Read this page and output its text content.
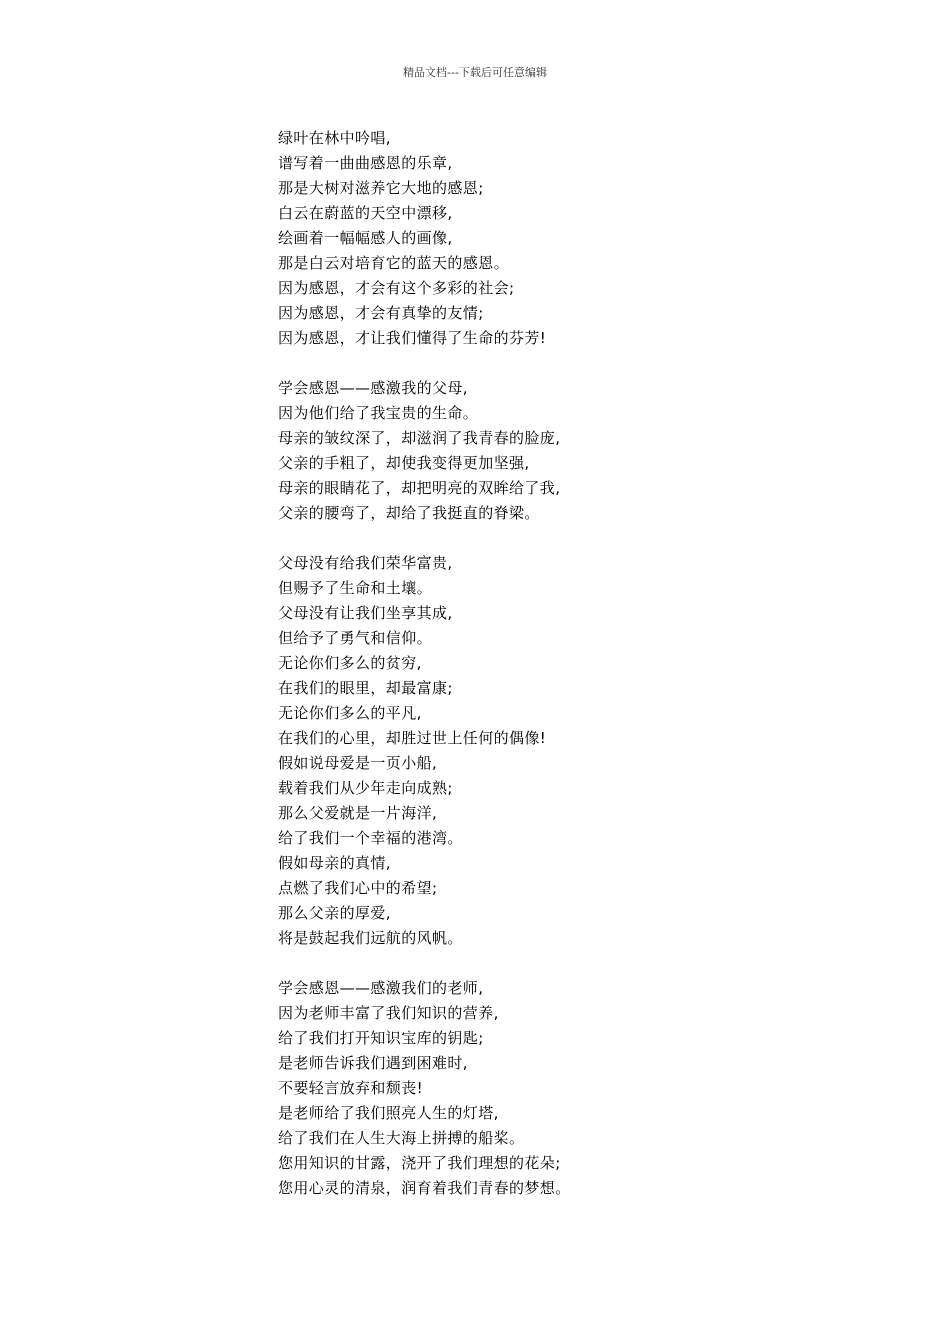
精品文档---下载后可任意编辑
绿叶在林中吟唱,
谱写着一曲曲感恩的乐章,
那是大树对滋养它大地的感恩;
白云在蔚蓝的天空中漂移,
绘画着一幅幅感人的画像,
那是白云对培育它的蓝天的感恩。
因为感恩，才会有这个多彩的社会;
因为感恩，才会有真挚的友情;
因为感恩，才让我们懂得了生命的芬芳!
学会感恩——感激我的父母,
因为他们给了我宝贵的生命。
母亲的皱纹深了，却滋润了我青春的脸庞,
父亲的手粗了，却使我变得更加坚强,
母亲的眼睛花了，却把明亮的双眸给了我,
父亲的腰弯了，却给了我挺直的脊梁。
父母没有给我们荣华富贵,
但赐予了生命和土壤。
父母没有让我们坐享其成,
但给予了勇气和信仰。
无论你们多么的贫穷,
在我们的眼里，却最富康;
无论你们多么的平凡,
在我们的心里，却胜过世上任何的偶像!
假如说母爱是一页小船,
载着我们从少年走向成熟;
那么父爱就是一片海洋,
给了我们一个幸福的港湾。
假如母亲的真情,
点燃了我们心中的希望;
那么父亲的厚爱,
将是鼓起我们远航的风帆。
学会感恩——感激我们的老师,
因为老师丰富了我们知识的营养,
给了我们打开知识宝库的钥匙;
是老师告诉我们遇到困难时,
不要轻言放弃和颓丧!
是老师给了我们照亮人生的灯塔,
给了我们在人生大海上拼搏的船桨。
您用知识的甘露，浇开了我们理想的花朵;
您用心灵的清泉，润育着我们青春的梦想。
